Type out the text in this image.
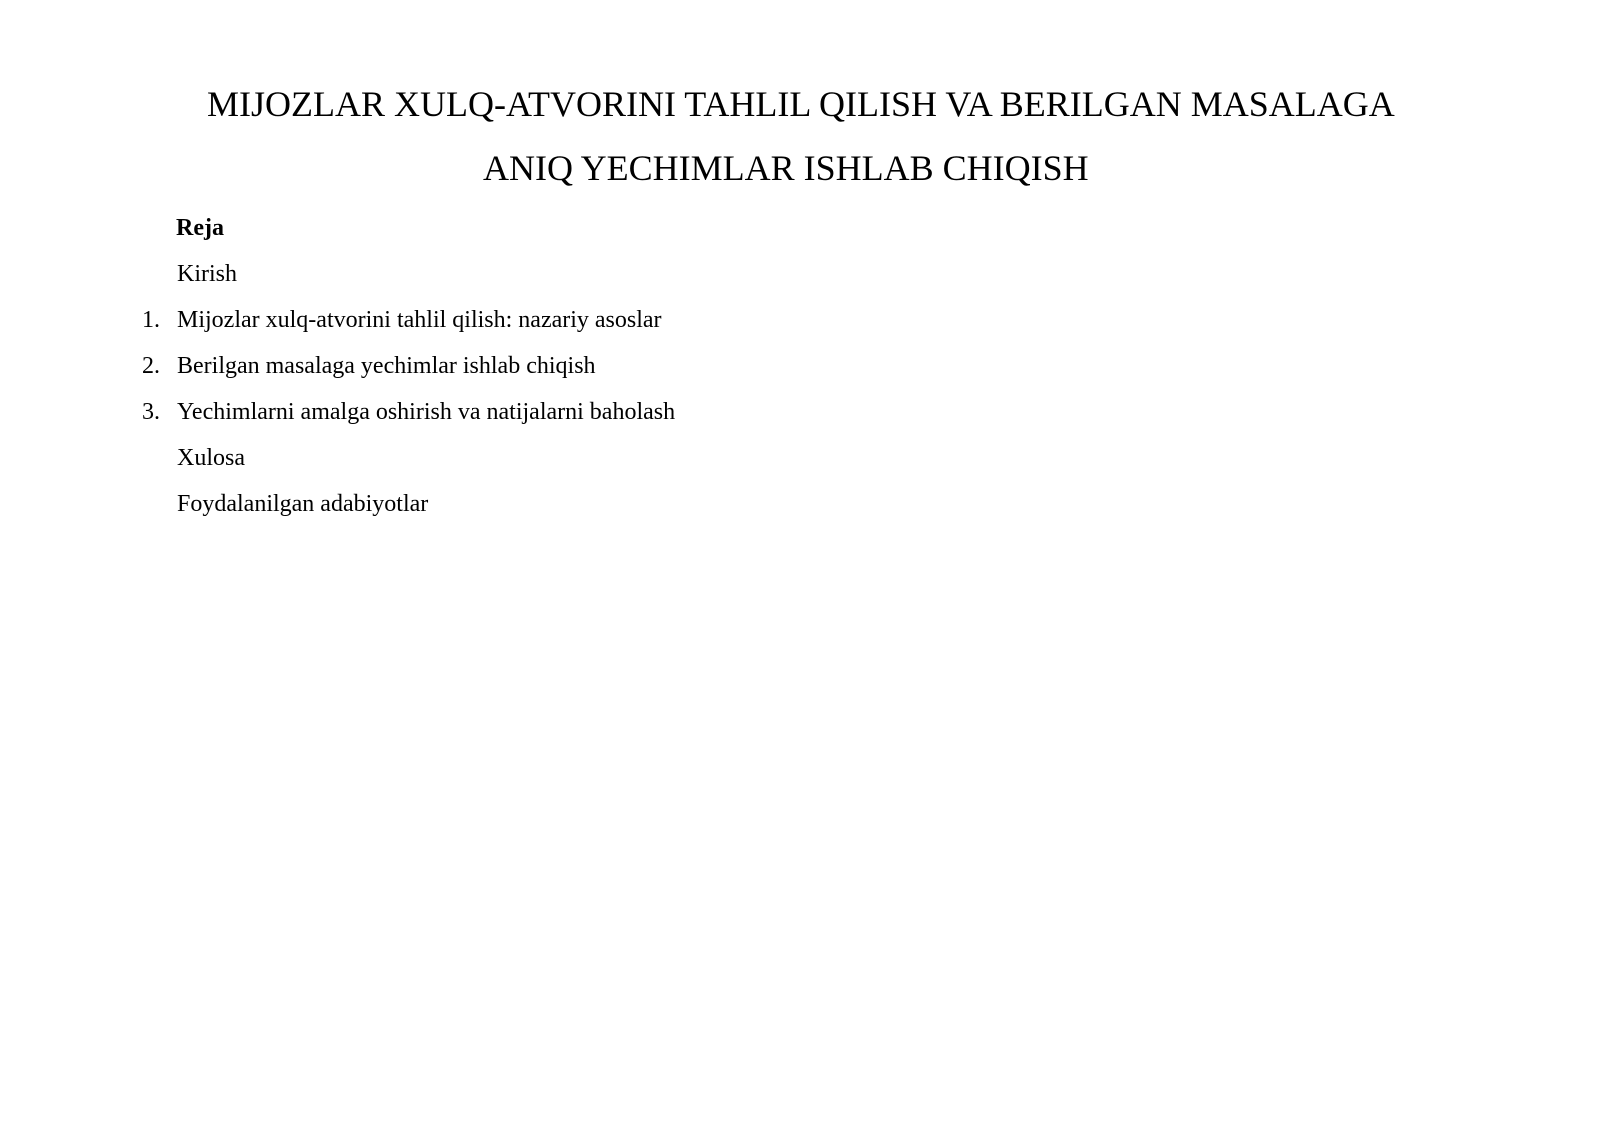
MIJOZLAR XULQ-ATVORINI TAHLIL QILISH VA BERILGAN MASALAGA
ANIQ YECHIMLAR ISHLAB CHIQISH
Reja
Kirish
1. Mijozlar xulq-atvorini tahlil qilish: nazariy asoslar
2. Berilgan masalaga yechimlar ishlab chiqish
3. Yechimlarni amalga oshirish va natijalarni baholash
Xulosa
Foydalanilgan adabiyotlar
